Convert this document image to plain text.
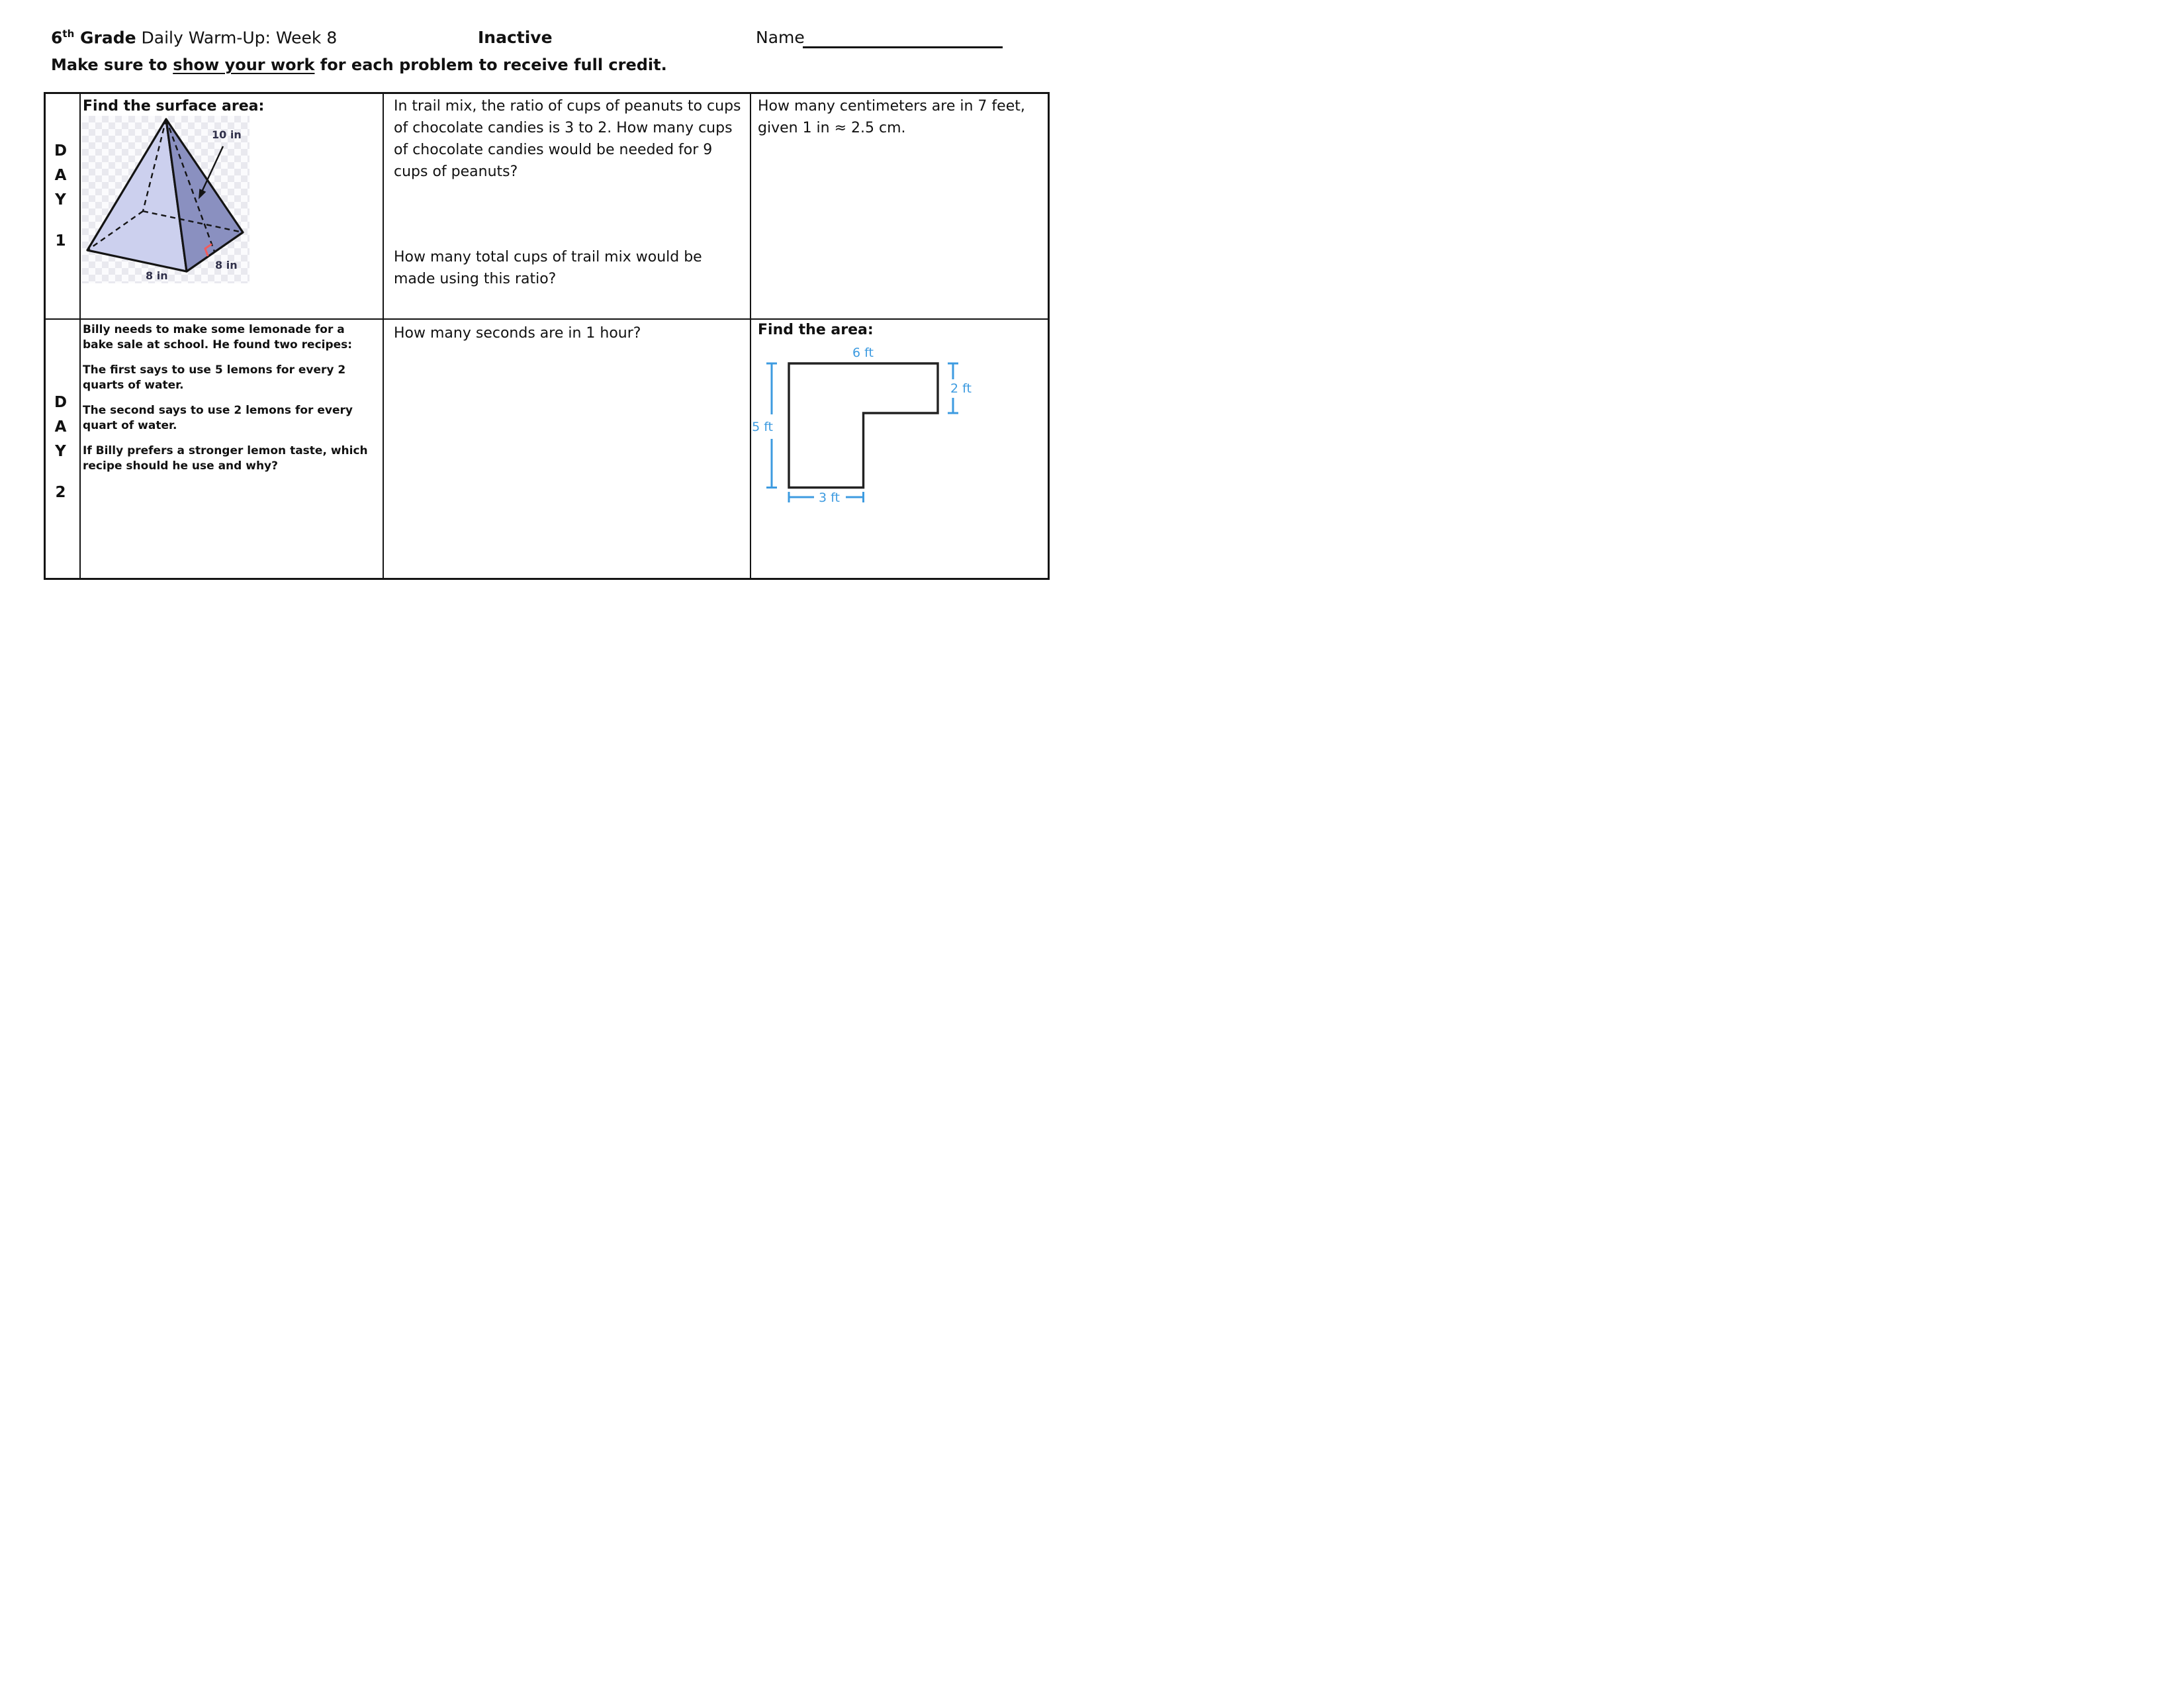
6th Grade Daily Warm-Up: Week 8	Inactive	Name
Make sure to show your work for each problem to receive full credit.
D
A
Y
1
Find the surface area:
10 in
8 in
8 in
In trail mix, the ratio of cups of peanuts to cups of chocolate candies is 3 to 2. How many cups of chocolate candies would be needed for 9 cups of peanuts?
How many total cups of trail mix would be made using this ratio?
How many centimeters are in 7 feet, given 1 in ≈ 2.5 cm.
D
A
Y
2

Billy needs to make some lemonade for a bake sale at school. He found two recipes:

The first says to use 5 lemons for every 2 quarts of water.

The second says to use 2 lemons for every quart of water.

If Billy prefers a stronger lemon taste, which recipe should he use and why?

How many seconds are in 1 hour?	Find the area:
6 ft
5 ft
2 ft
3 ft
